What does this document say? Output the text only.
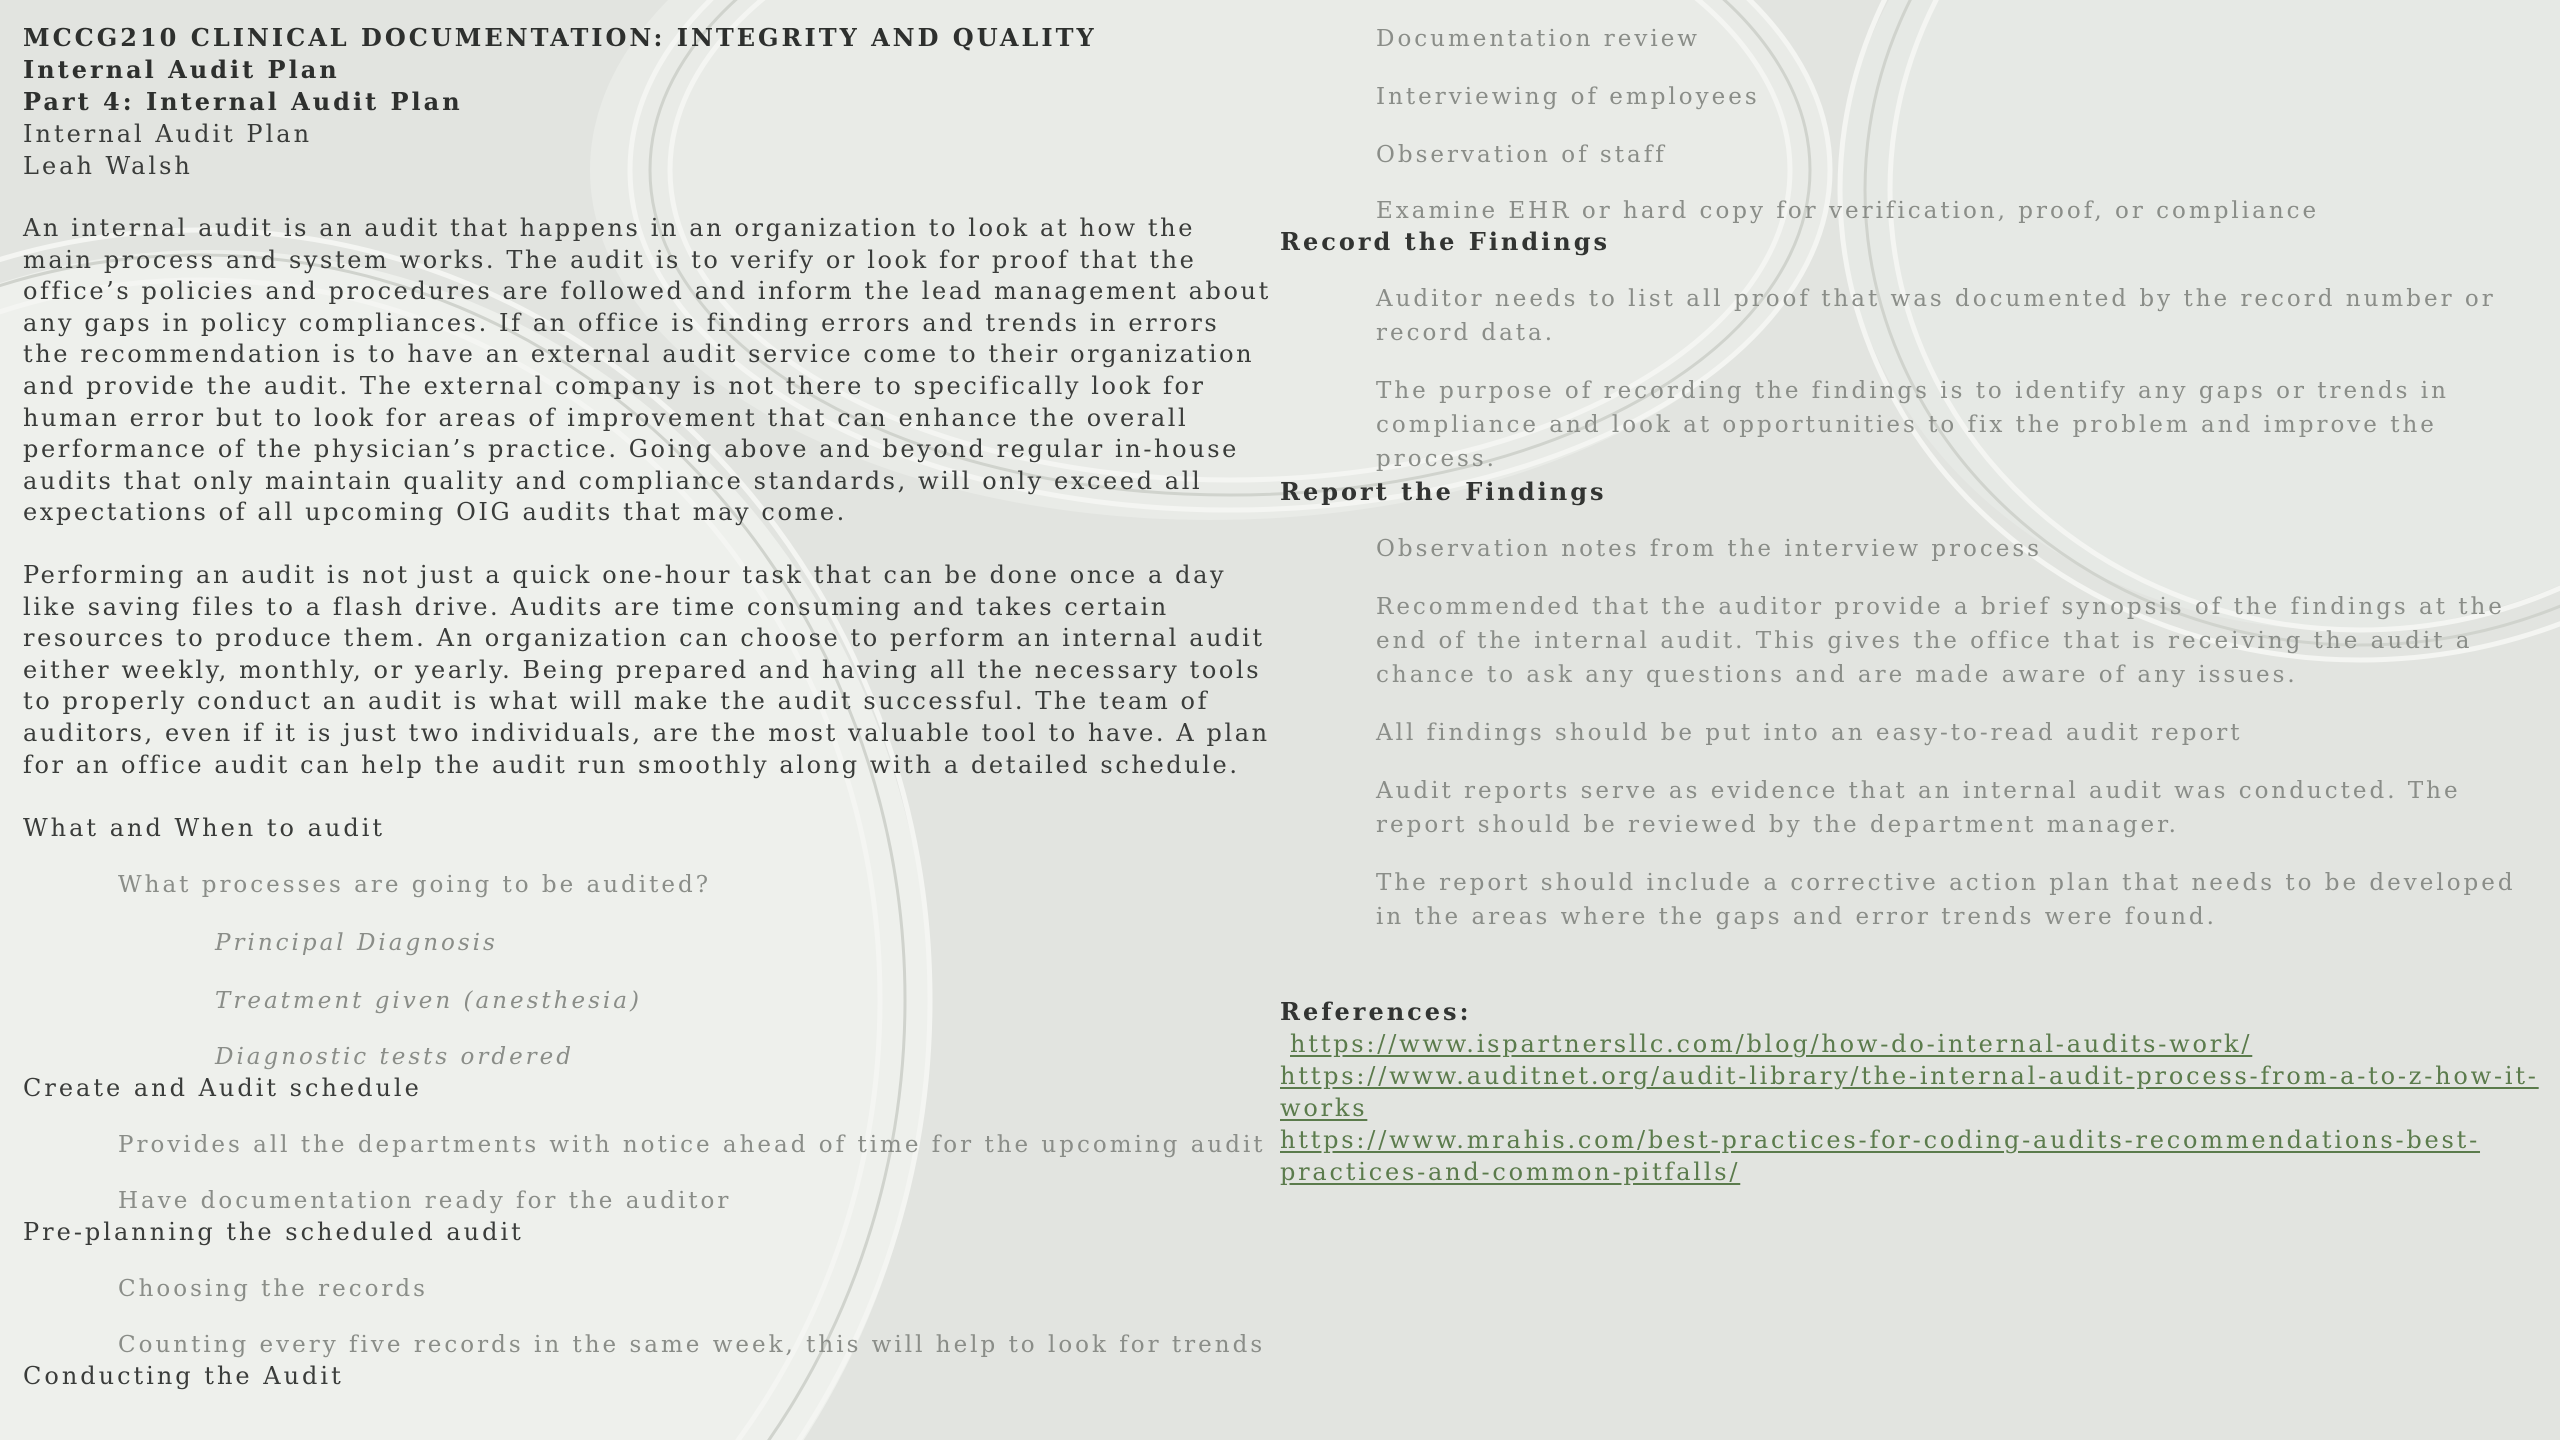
MCCG210 CLINICAL DOCUMENTATION: INTEGRITY AND QUALITY
Internal Audit Plan
Part 4: Internal Audit Plan
Internal Audit Plan
Leah Walsh

An internal audit is an audit that happens in an organization to look at how the main process and system works. The audit is to verify or look for proof that the office’s policies and procedures are followed and inform the lead management about any gaps in policy compliances. If an office is finding errors and trends in errors the recommendation is to have an external audit service come to their organization and provide the audit. The external company is not there to specifically look for human error but to look for areas of improvement that can enhance the overall performance of the physician’s practice. Going above and beyond regular in-house audits that only maintain quality and compliance standards, will only exceed all expectations of all upcoming OIG audits that may come.

Performing an audit is not just a quick one-hour task that can be done once a day like saving files to a flash drive. Audits are time consuming and takes certain resources to produce them. An organization can choose to perform an internal audit either weekly, monthly, or yearly. Being prepared and having all the necessary tools to properly conduct an audit is what will make the audit successful. The team of auditors, even if it is just two individuals, are the most valuable tool to have. A plan for an office audit can help the audit run smoothly along with a detailed schedule.

What and When to audit
What processes are going to be audited?
Principal Diagnosis
Treatment given (anesthesia)
Diagnostic tests ordered
Create and Audit schedule
Provides all the departments with notice ahead of time for the upcoming audit
Have documentation ready for the auditor
Pre-planning the scheduled audit
Choosing the records
Counting every five records in the same week, this will help to look for trends
Conducting the Audit
Documentation review
Interviewing of employees
Observation of staff
Examine EHR or hard copy for verification, proof, or compliance
Record the Findings
Auditor needs to list all proof that was documented by the record number or record data.
The purpose of recording the findings is to identify any gaps or trends in compliance and look at opportunities to fix the problem and improve the process.
Report the Findings
Observation notes from the interview process
Recommended that the auditor provide a brief synopsis of the findings at the end of the internal audit. This gives the office that is receiving the audit a chance to ask any questions and are made aware of any issues.
All findings should be put into an easy-to-read audit report
Audit reports serve as evidence that an internal audit was conducted. The report should be reviewed by the department manager.
The report should include a corrective action plan that needs to be developed in the areas where the gaps and error trends were found.
References:
https://www.ispartnersllc.com/blog/how-do-internal-audits-work/
https://www.auditnet.org/audit-library/the-internal-audit-process-from-a-to-z-how-it-works
https://www.mrahis.com/best-practices-for-coding-audits-recommendations-best-practices-and-common-pitfalls/
